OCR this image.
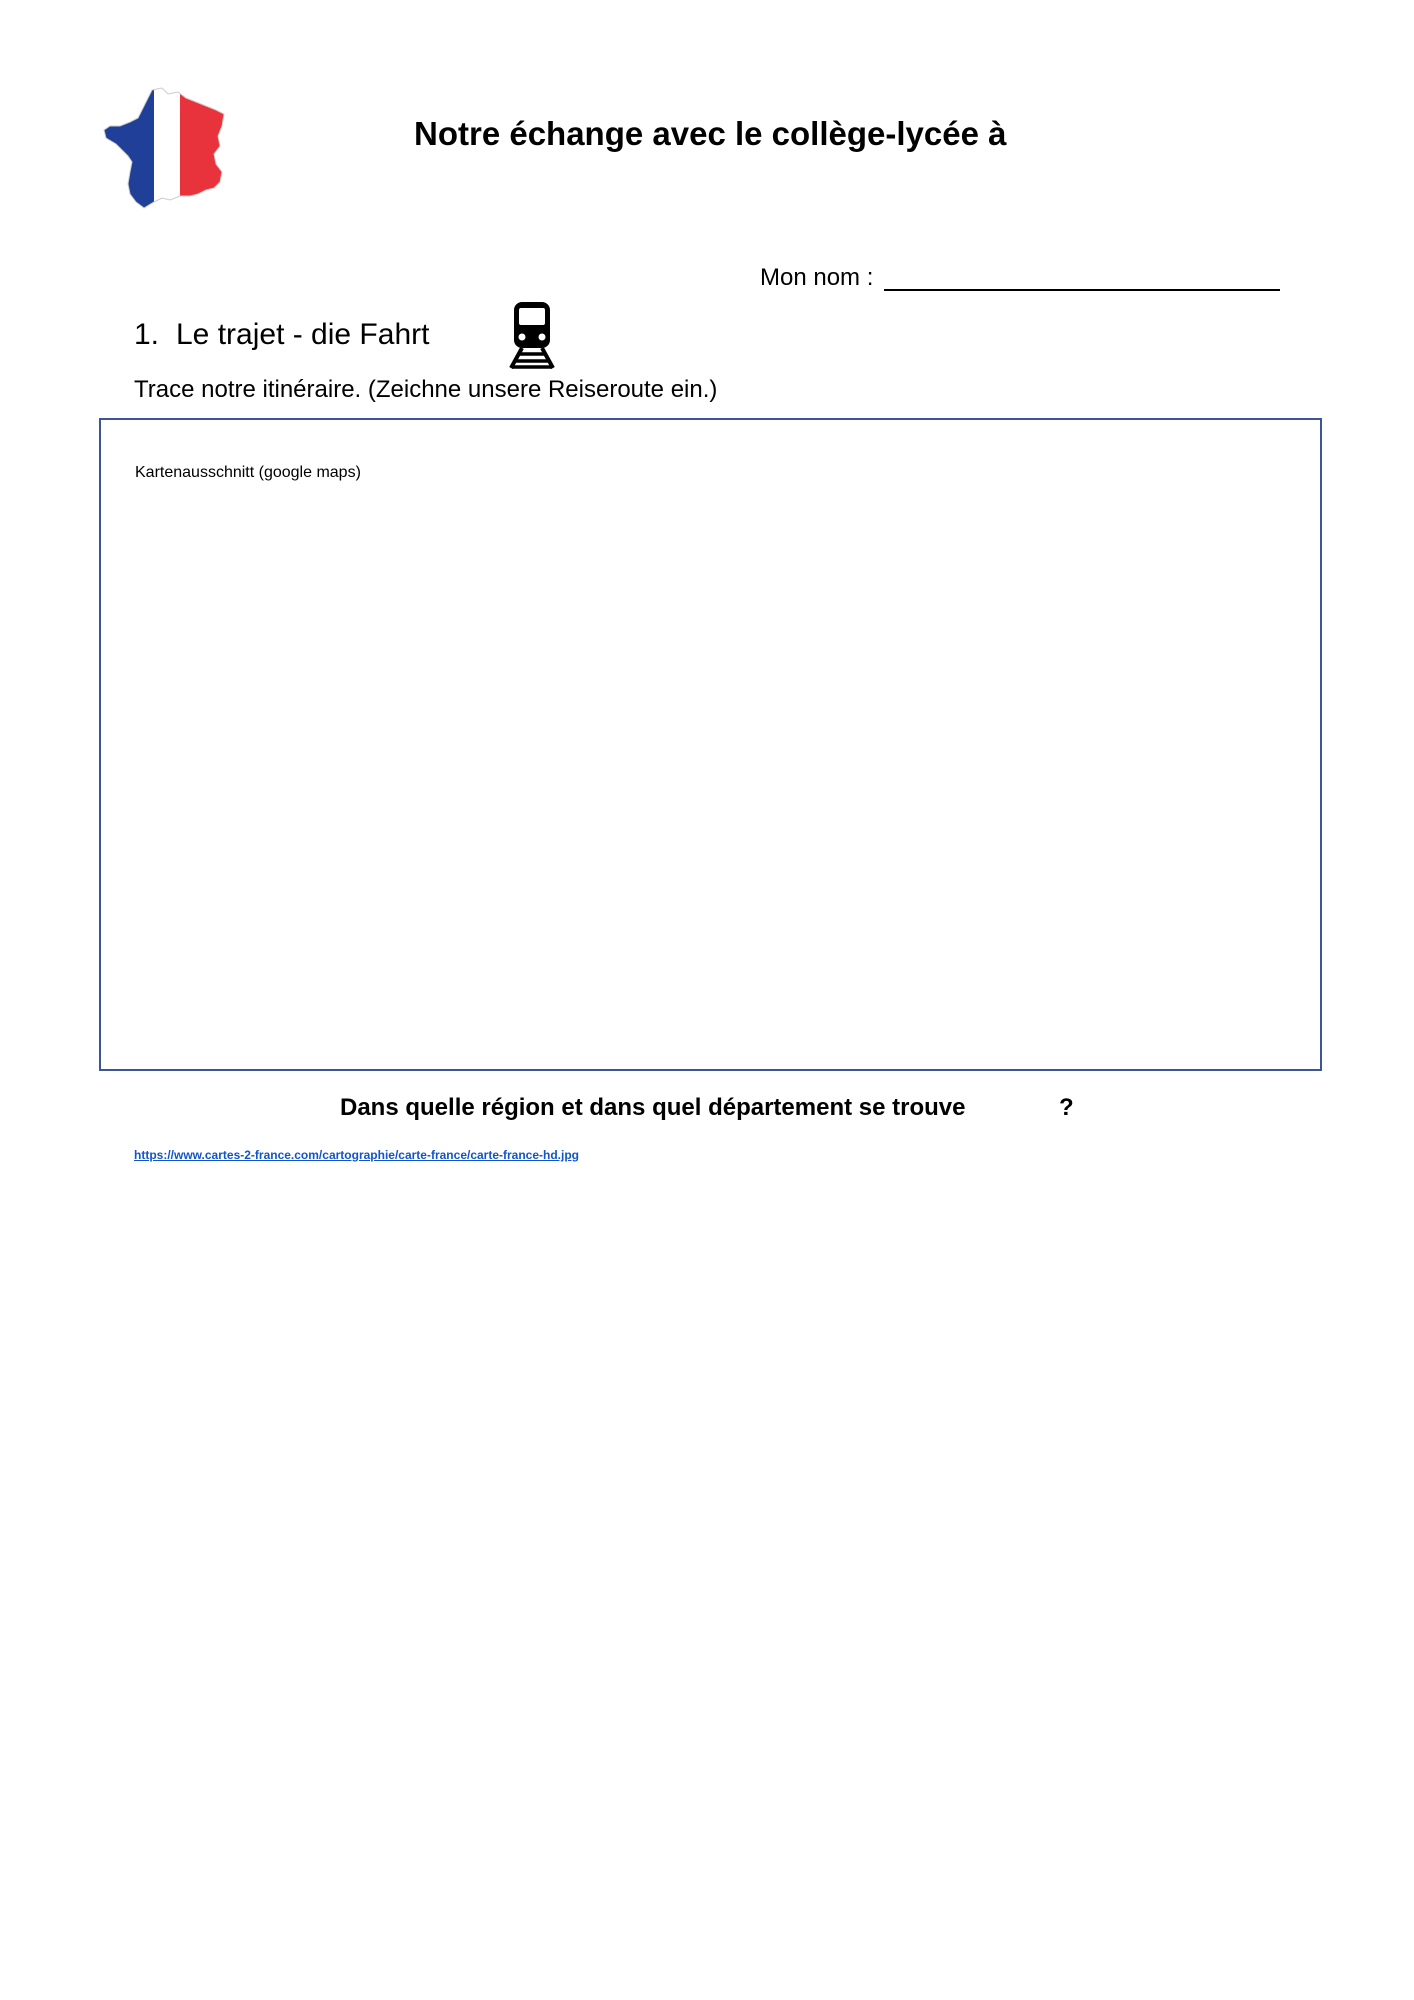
Notre échange avec le collège-lycée à
Mon nom :
1. Le trajet - die Fahrt
Trace notre itinéraire. (Zeichne unsere Reiseroute ein.)
Kartenausschnitt (google maps)
Dans quelle région et dans quel département se trouve	?
https://www.cartes-2-france.com/cartographie/carte-france/carte-france-hd.jpg
